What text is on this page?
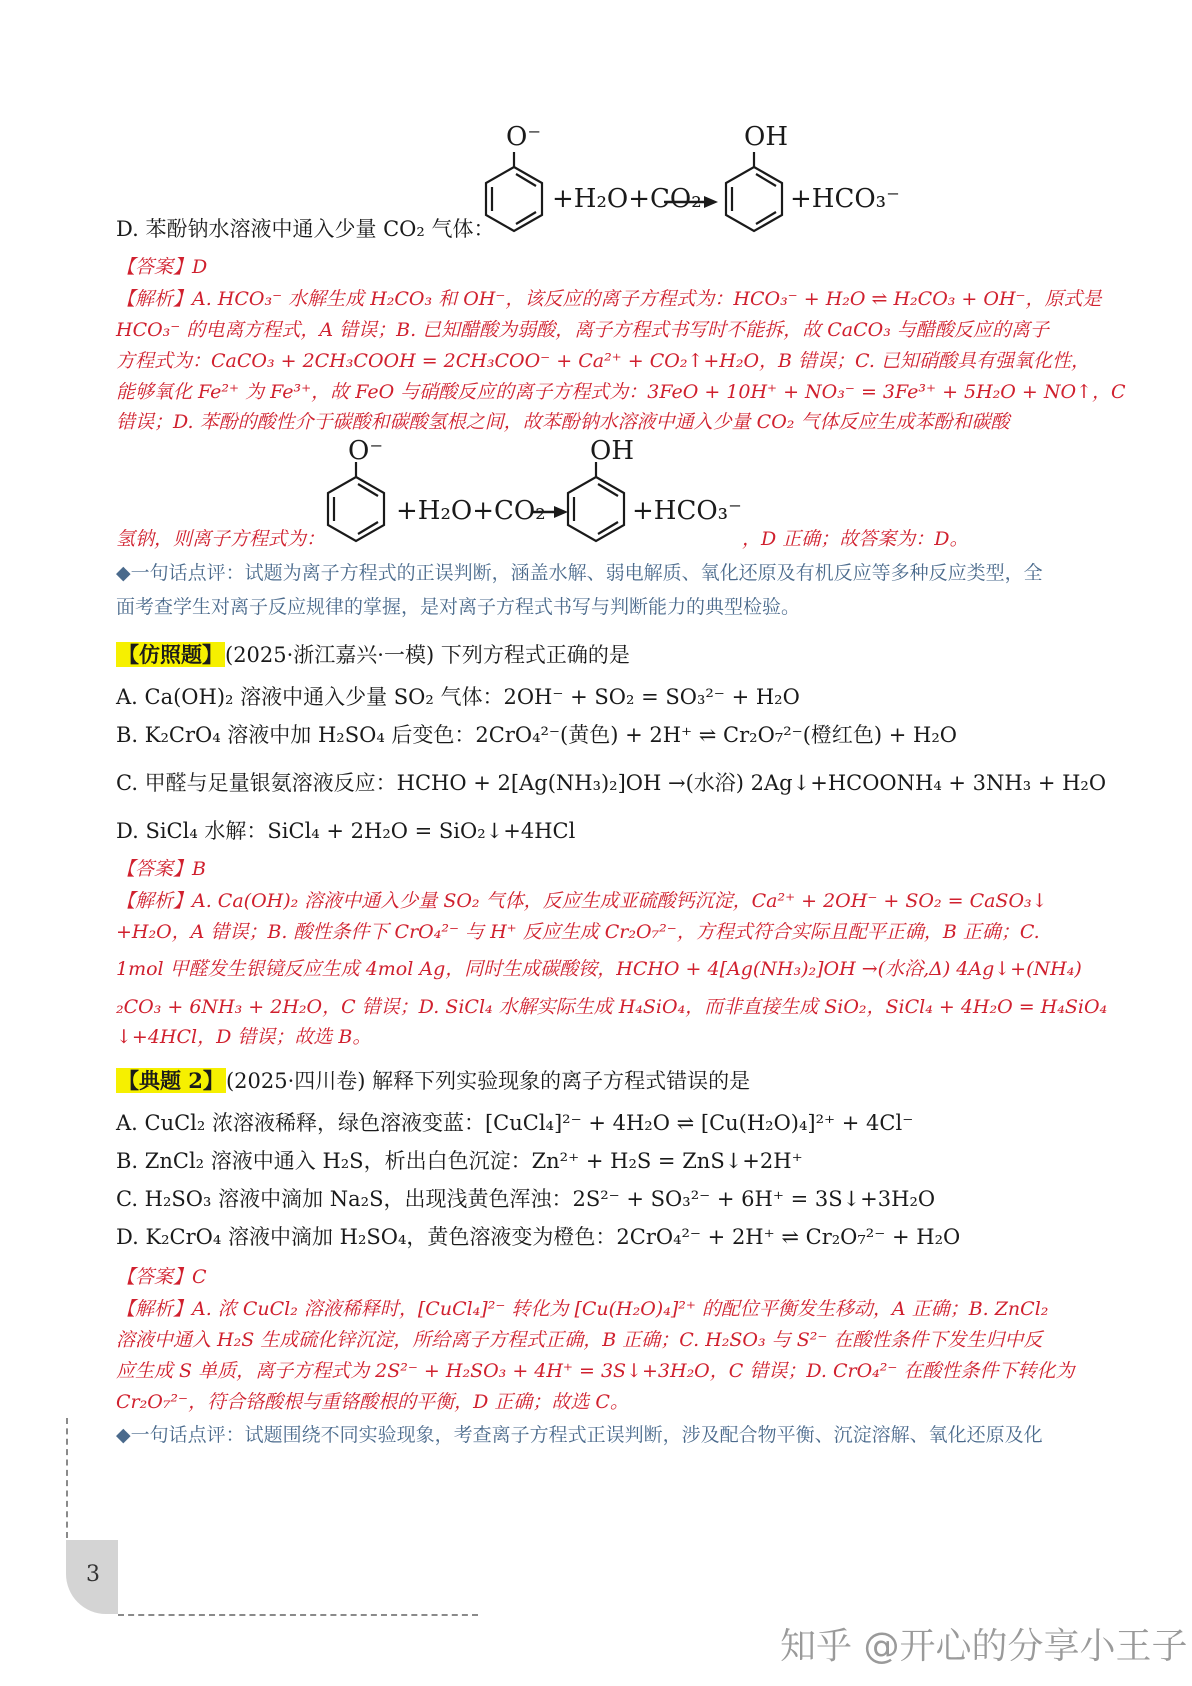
D. 苯酚钠水溶液中通入少量 CO₂ 气体：
O⁻
+H₂O+CO₂
OH
+HCO₃⁻
【答案】D
【解析】A. HCO₃⁻ 水解生成 H₂CO₃ 和 OH⁻，该反应的离子方程式为：HCO₃⁻ + H₂O ⇌ H₂CO₃ + OH⁻，原式是
HCO₃⁻ 的电离方程式，A 错误；B. 已知醋酸为弱酸，离子方程式书写时不能拆，故 CaCO₃ 与醋酸反应的离子
方程式为：CaCO₃ + 2CH₃COOH = 2CH₃COO⁻ + Ca²⁺ + CO₂↑+H₂O，B 错误；C. 已知硝酸具有强氧化性，
能够氧化 Fe²⁺ 为 Fe³⁺，故 FeO 与硝酸反应的离子方程式为：3FeO + 10H⁺ + NO₃⁻ = 3Fe³⁺ + 5H₂O + NO↑，C
错误；D. 苯酚的酸性介于碳酸和碳酸氢根之间，故苯酚钠水溶液中通入少量 CO₂ 气体反应生成苯酚和碳酸
O⁻
+H₂O+CO₂
OH
+HCO₃⁻
氢钠，则离子方程式为：	，D 正确；故答案为：D。
◆一句话点评：试题为离子方程式的正误判断，涵盖水解、弱电解质、氧化还原及有机反应等多种反应类型，全
面考查学生对离子反应规律的掌握，是对离子方程式书写与判断能力的典型检验。
【仿照题】(2025·浙江嘉兴·一模) 下列方程式正确的是
A. Ca(OH)₂ 溶液中通入少量 SO₂ 气体：2OH⁻ + SO₂ = SO₃²⁻ + H₂O
B. K₂CrO₄ 溶液中加 H₂SO₄ 后变色：2CrO₄²⁻(黄色) + 2H⁺ ⇌ Cr₂O₇²⁻(橙红色) + H₂O
C. 甲醛与足量银氨溶液反应：HCHO + 2[Ag(NH₃)₂]OH →(水浴) 2Ag↓+HCOONH₄ + 3NH₃ + H₂O
D. SiCl₄ 水解：SiCl₄ + 2H₂O = SiO₂↓+4HCl
【答案】B
【解析】A. Ca(OH)₂ 溶液中通入少量 SO₂ 气体，反应生成亚硫酸钙沉淀，Ca²⁺ + 2OH⁻ + SO₂ = CaSO₃↓
+H₂O，A 错误；B. 酸性条件下 CrO₄²⁻ 与 H⁺ 反应生成 Cr₂O₇²⁻，方程式符合实际且配平正确，B 正确；C.
1mol 甲醛发生银镜反应生成 4mol Ag，同时生成碳酸铵，HCHO + 4[Ag(NH₃)₂]OH →(水浴,Δ) 4Ag↓+(NH₄)
₂CO₃ + 6NH₃ + 2H₂O，C 错误；D. SiCl₄ 水解实际生成 H₄SiO₄，而非直接生成 SiO₂，SiCl₄ + 4H₂O = H₄SiO₄
↓+4HCl，D 错误；故选 B。
【典题 2】(2025·四川卷) 解释下列实验现象的离子方程式错误的是
A. CuCl₂ 浓溶液稀释，绿色溶液变蓝：[CuCl₄]²⁻ + 4H₂O ⇌ [Cu(H₂O)₄]²⁺ + 4Cl⁻
B. ZnCl₂ 溶液中通入 H₂S，析出白色沉淀：Zn²⁺ + H₂S = ZnS↓+2H⁺
C. H₂SO₃ 溶液中滴加 Na₂S，出现浅黄色浑浊：2S²⁻ + SO₃²⁻ + 6H⁺ = 3S↓+3H₂O
D. K₂CrO₄ 溶液中滴加 H₂SO₄，黄色溶液变为橙色：2CrO₄²⁻ + 2H⁺ ⇌ Cr₂O₇²⁻ + H₂O
【答案】C
【解析】A. 浓 CuCl₂ 溶液稀释时，[CuCl₄]²⁻ 转化为 [Cu(H₂O)₄]²⁺ 的配位平衡发生移动，A 正确；B. ZnCl₂
溶液中通入 H₂S 生成硫化锌沉淀，所给离子方程式正确，B 正确；C. H₂SO₃ 与 S²⁻ 在酸性条件下发生归中反
应生成 S 单质，离子方程式为 2S²⁻ + H₂SO₃ + 4H⁺ = 3S↓+3H₂O，C 错误；D. CrO₄²⁻ 在酸性条件下转化为
Cr₂O₇²⁻，符合铬酸根与重铬酸根的平衡，D 正确；故选 C。
◆一句话点评：试题围绕不同实验现象，考查离子方程式正误判断，涉及配合物平衡、沉淀溶解、氧化还原及化
3
知乎 @开心的分享小王子
